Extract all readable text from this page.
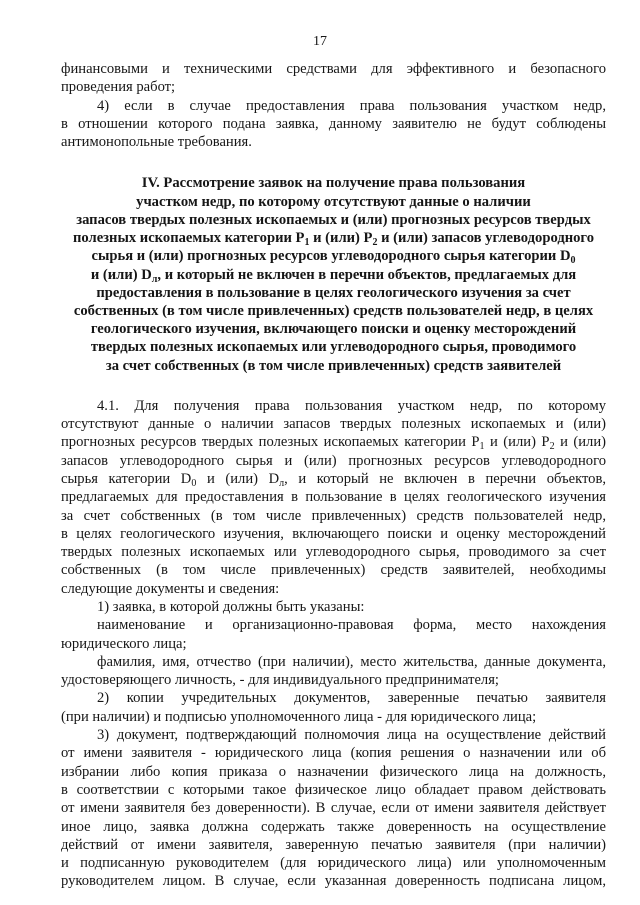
17

финансовыми и техническими средствами для эффективного и безопасного

проведения работ;

4) если в случае предоставления права пользования участком недр,

в отношении которого подана заявка, данному заявителю не будут соблюдены

антимонопольные требования.

IV. Рассмотрение заявок на получение права пользования
участком недр, по которому отсутствуют данные о наличии
запасов твердых полезных ископаемых и (или) прогнозных ресурсов твердых
полезных ископаемых категории $P_1$ и (или) $P_2$ и (или) запасов углеводородного
сырья и (или) прогнозных ресурсов углеводородного сырья категории $D_0$
и (или) $D_л$, и который не включен в перечни объектов, предлагаемых для
предоставления в пользование в целях геологического изучения за счет
собственных (в том числе привлеченных) средств пользователей недр, в целях
геологического изучения, включающего поиски и оценку месторождений
твердых полезных ископаемых или углеводородного сырья, проводимого
за счет собственных (в том числе привлеченных) средств заявителей

4.1. Для получения права пользования участком недр, по которому

отсутствуют данные о наличии запасов твердых полезных ископаемых и (или)

прогнозных ресурсов твердых полезных ископаемых категории $P_1$ и (или) $P_2$ и (или)

запасов углеводородного сырья и (или) прогнозных ресурсов углеводородного

сырья категории $D_0$ и (или) $D_л$, и который не включен в перечни объектов,

предлагаемых для предоставления в пользование в целях геологического изучения

за счет собственных (в том числе привлеченных) средств пользователей недр,

в целях геологического изучения, включающего поиски и оценку месторождений

твердых полезных ископаемых или углеводородного сырья, проводимого за счет

собственных (в том числе привлеченных) средств заявителей, необходимы

следующие документы и сведения:

1) заявка, в которой должны быть указаны:

наименование и организационно-правовая форма, место нахождения

юридического лица;

фамилия, имя, отчество (при наличии), место жительства, данные документа,

удостоверяющего личность, - для индивидуального предпринимателя;

2) копии учредительных документов, заверенные печатью заявителя

(при наличии) и подписью уполномоченного лица - для юридического лица;

3) документ, подтверждающий полномочия лица на осуществление действий

от имени заявителя - юридического лица (копия решения о назначении или об

избрании либо копия приказа о назначении физического лица на должность,

в соответствии с которыми такое физическое лицо обладает правом действовать

от имени заявителя без доверенности). В случае, если от имени заявителя действует

иное лицо, заявка должна содержать также доверенность на осуществление

действий от имени заявителя, заверенную печатью заявителя (при наличии)

и подписанную руководителем (для юридического лица) или уполномоченным

руководителем лицом. В случае, если указанная доверенность подписана лицом,
